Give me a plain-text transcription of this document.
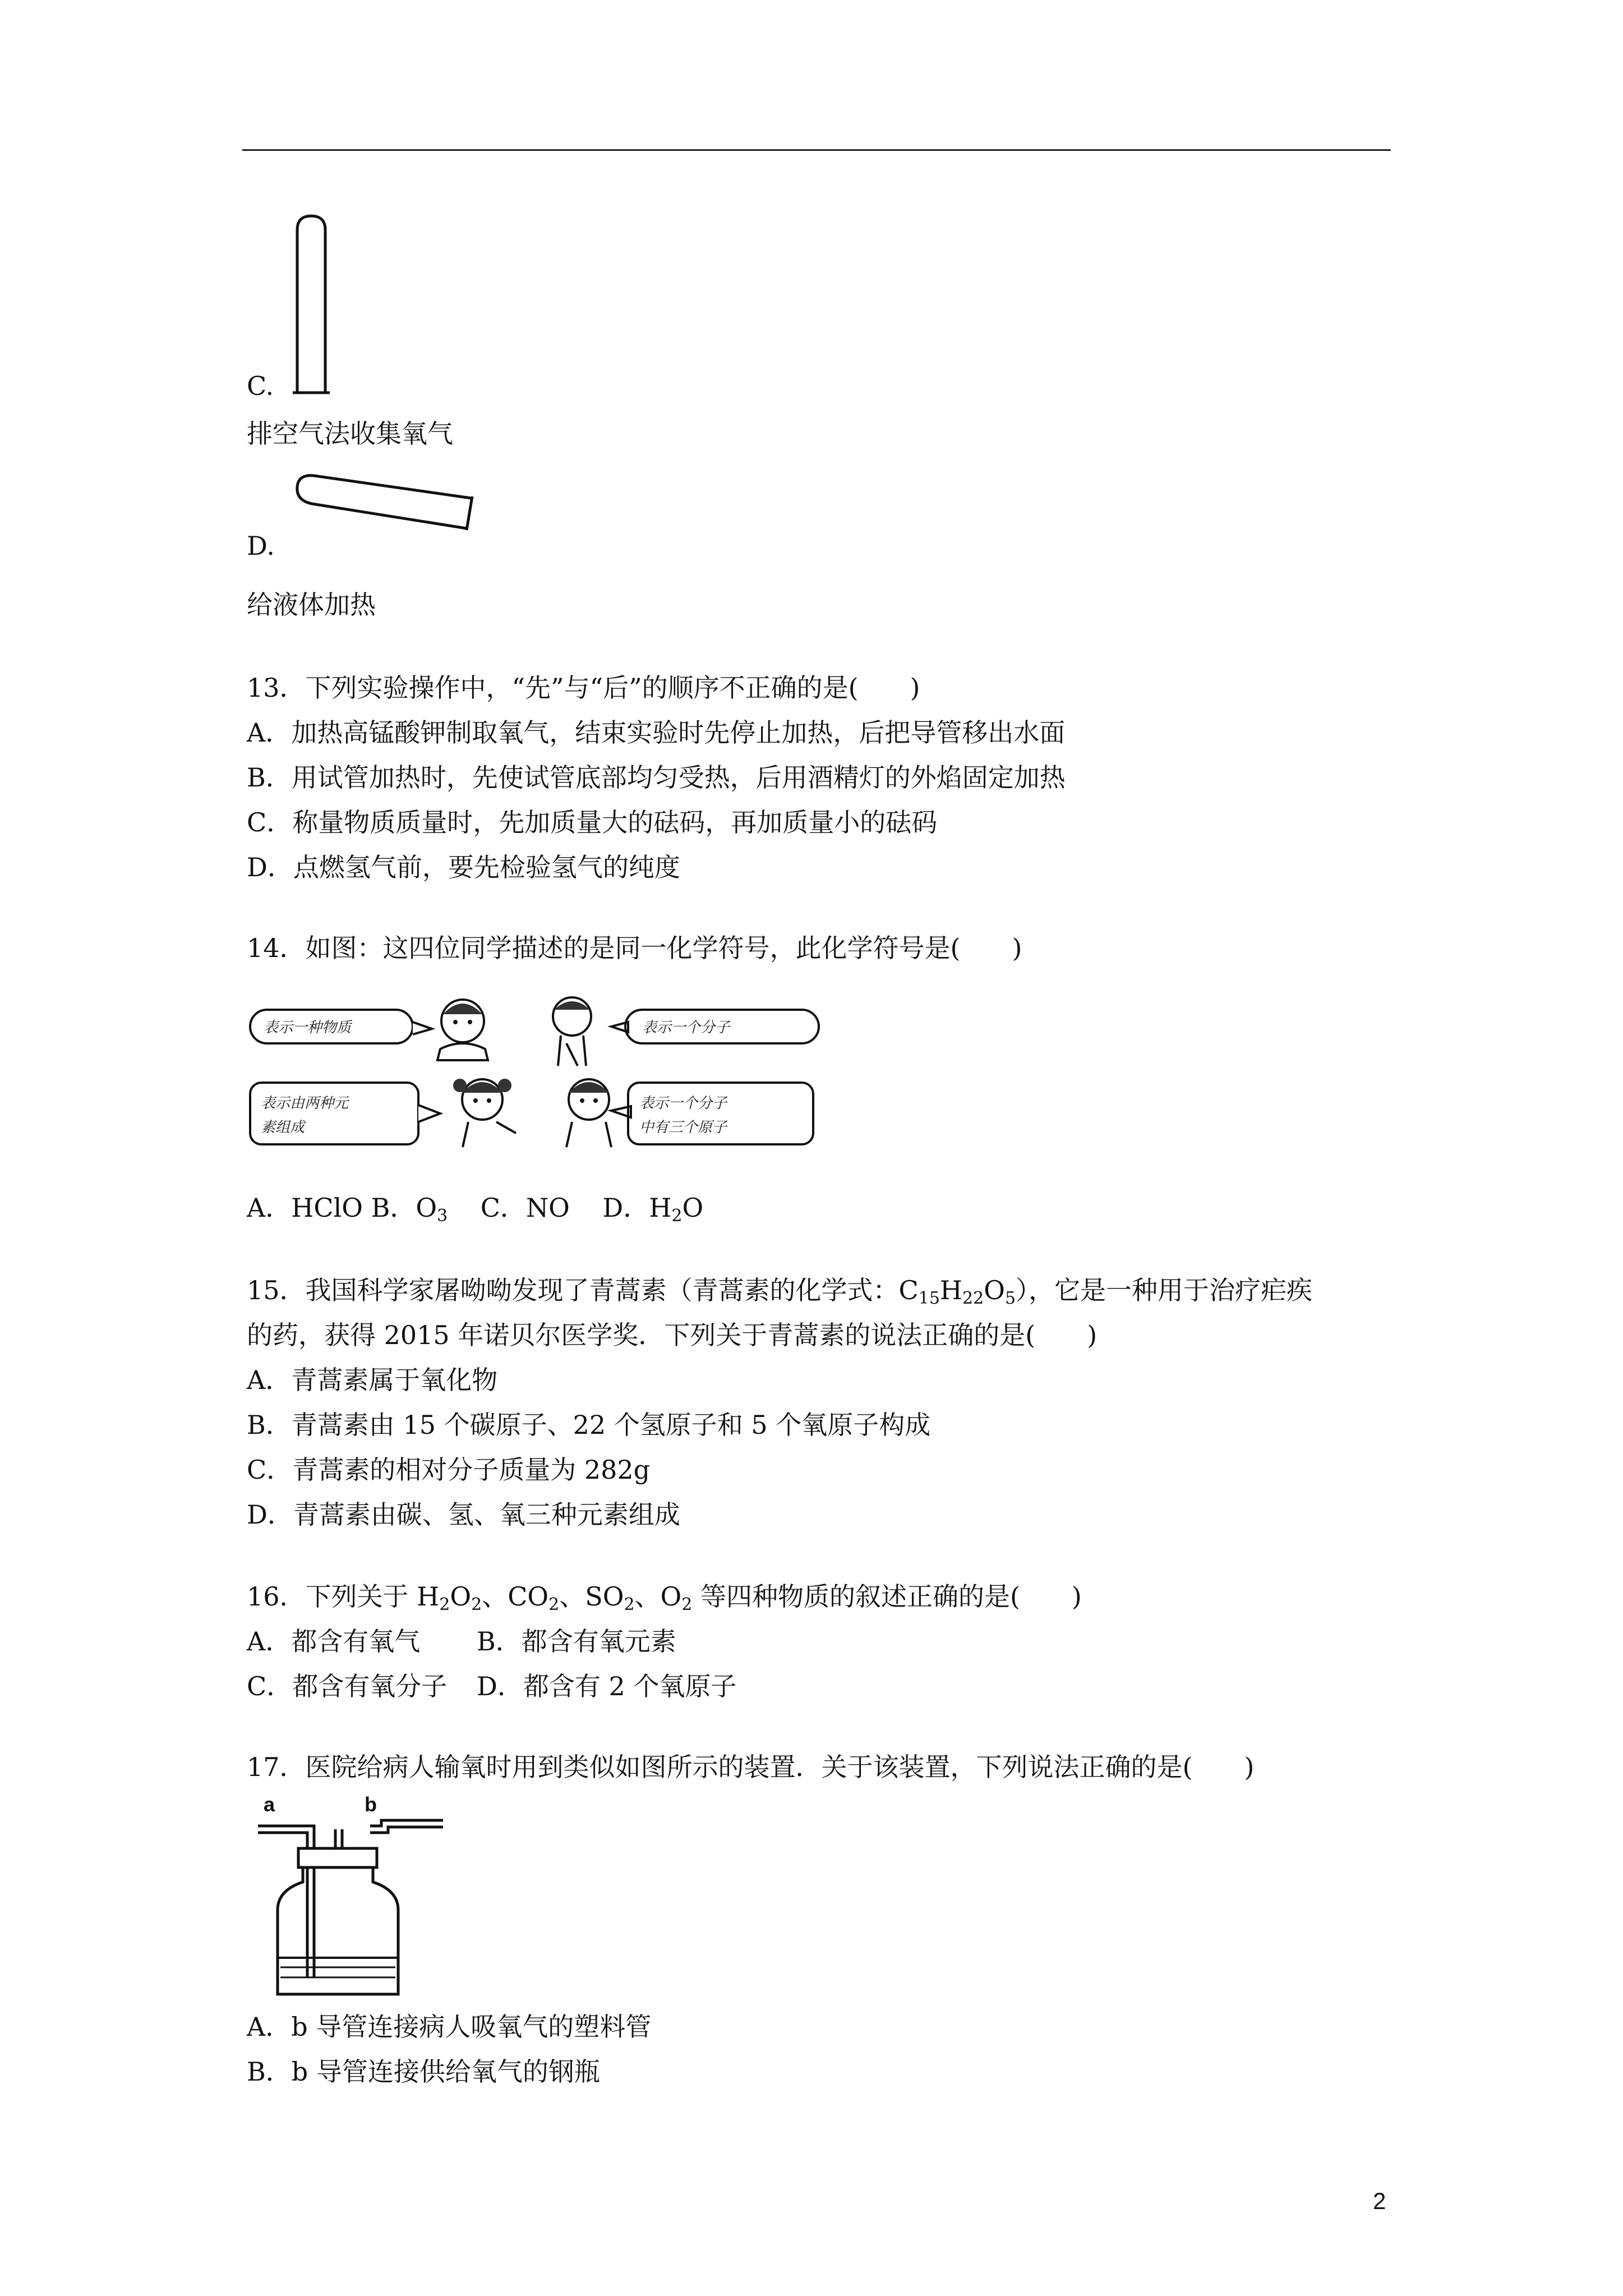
C.
排空气法收集氧气
D.
给液体加热
13．下列实验操作中，“先”与“后”的顺序不正确的是(　　)
A．加热高锰酸钾制取氧气，结束实验时先停止加热，后把导管移出水面
B．用试管加热时，先使试管底部均匀受热，后用酒精灯的外焰固定加热
C．称量物质质量时，先加质量大的砝码，再加质量小的砝码
D．点燃氢气前，要先检验氢气的纯度
14．如图：这四位同学描述的是同一化学符号，此化学符号是(　　)
表示一种物质	表示一个分子
表示由两种元
素组成
表示一个分子
中有三个原子
A．HClO B．$O_3$ C．NO D．$H_2O$
15．我国科学家屠呦呦发现了青蒿素（青蒿素的化学式：$C_{15}H_{22}O_5$），它是一种用于治疗疟疾
的药，获得 2015 年诺贝尔医学奖．下列关于青蒿素的说法正确的是(　　)
A．青蒿素属于氧化物
B．青蒿素由 15 个碳原子、22 个氢原子和 5 个氧原子构成
C．青蒿素的相对分子质量为 282g
D．青蒿素由碳、氢、氧三种元素组成
16．下列关于 $H_2O_2$、$CO_2$、$SO_2$、$O_2$ 等四种物质的叙述正确的是(　　)
A．都含有氧气 B．都含有氧元素
C．都含有氧分子 D．都含有 2 个氧原子
17．医院给病人输氧时用到类似如图所示的装置．关于该装置，下列说法正确的是(　　)
a	b
A．b 导管连接病人吸氧气的塑料管
B．b 导管连接供给氧气的钢瓶
2
